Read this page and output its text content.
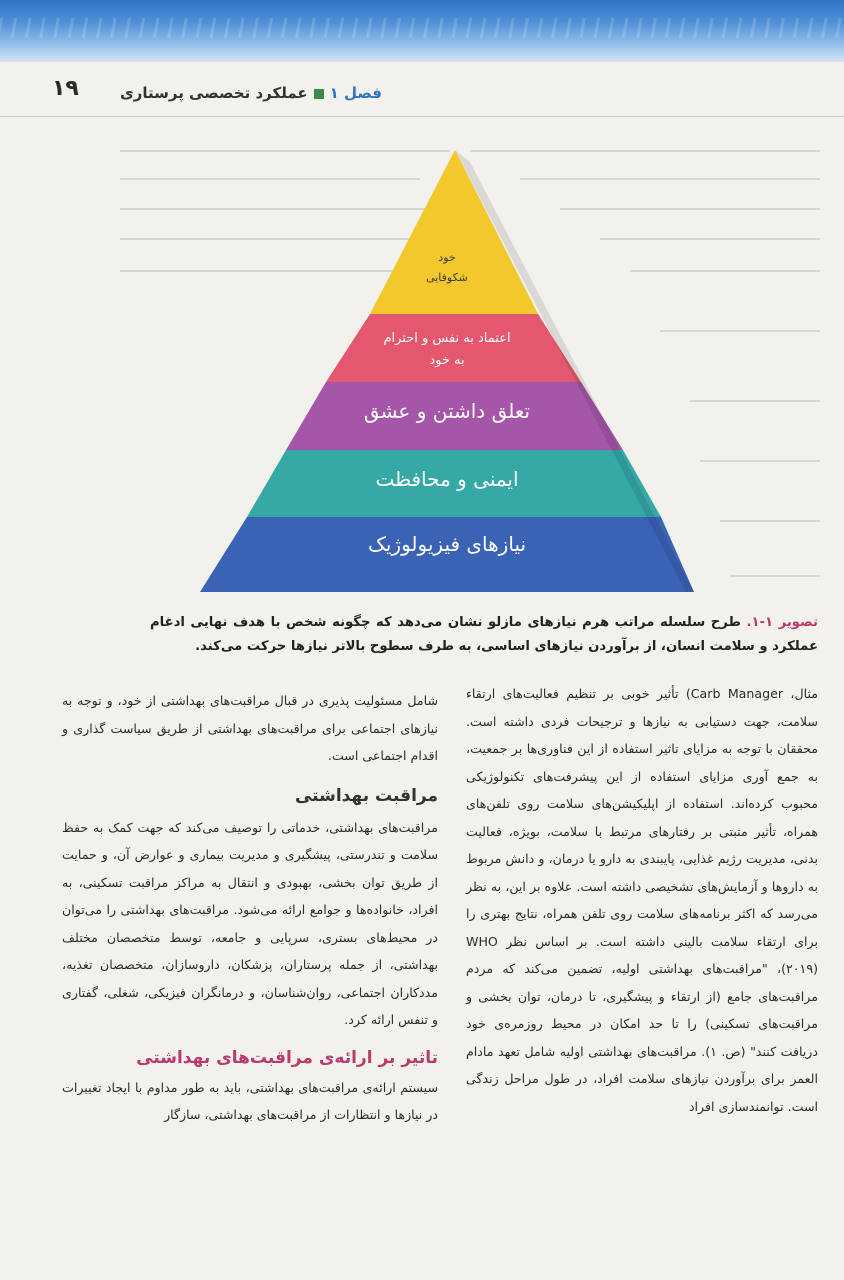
۱۹	فصل ۱عملکرد تخصصی پرستاری
خود
شکوفایی
اعتماد به نفس و احترام
به خود
تعلق داشتن و عشق
ایمنی و محافظت
نیازهای فیزیولوژیک
تصویر ۱-۱. طرح سلسله مراتب هرم نیازهای مازلو نشان می‌دهد که چگونه شخص با هدف نهایی ادغام عملکرد و سلامت انسان، از برآوردن نیازهای اساسی، به طرف سطوح بالاتر نیازها حرکت می‌کند.

مثال، Carb Manager) تأثیر خوبی بر تنظیم فعالیت‌های ارتقاء سلامت، جهت دستیابی به نیازها و ترجیحات فردی داشته است. محققان با توجه به مزایای تاثیر استفاده از این فناوری‌ها بر جمعیت، به جمع آوری مزایای استفاده از این پیشرفت‌های تکنولوژیکی محبوب کرده‌اند. استفاده از اپلیکیشن‌های سلامت روی تلفن‌های همراه، تأثیر مثبتی بر رفتارهای مرتبط با سلامت، بویژه، فعالیت بدنی، مدیریت رژیم غذایی، پایبندی به دارو یا درمان، و دانش مربوط به داروها و آزمایش‌های تشخیصی داشته است. علاوه بر این، به نظر می‌رسد که اکثر برنامه‌های سلامت روی تلفن همراه، نتایج بهتری را برای ارتقاء سلامت بالینی داشته است. بر اساس نظر WHO (۲۰۱۹)، "مراقبت‌های بهداشتی اولیه، تضمین می‌کند که مردم مراقبت‌های جامع (از ارتقاء و پیشگیری، تا درمان، توان بخشی و مراقبت‌های تسکینی) را تا حد امکان در محیط روزمره‌ی خود دریافت کنند" (ص. ۱). مراقبت‌های بهداشتی اولیه شامل تعهد مادام العمر برای برآوردن نیازهای سلامت افراد، در طول مراحل زندگی است. توانمندسازی افراد

شامل مسئولیت پذیری در قبال مراقبت‌های بهداشتی از خود، و توجه به نیازهای اجتماعی برای مراقبت‌های بهداشتی از طریق سیاست گذاری و اقدام اجتماعی است.

مراقبت بهداشتی

مراقبت‌های بهداشتی، خدماتی را توصیف می‌کند که جهت کمک به حفظ سلامت و تندرستی، پیشگیری و مدیریت بیماری و عوارض آن، و حمایت از طریق توان بخشی، بهبودی و انتقال به مراکز مراقبت تسکینی، به افراد، خانواده‌ها و جوامع ارائه می‌شود. مراقبت‌های بهداشتی را می‌توان در محیط‌های بستری، سرپایی و جامعه، توسط متخصصان مختلف بهداشتی، از جمله پرستاران، پزشکان، داروسازان، متخصصان تغذیه، مددکاران اجتماعی، روان‌شناسان، و درمانگران فیزیکی، شغلی، گفتاری و تنفس ارائه کرد.

تاثیر بر ارائه‌ی مراقبت‌های بهداشتی

سیستم ارائه‌ی مراقبت‌های بهداشتی، باید به طور مداوم با ایجاد تغییرات در نیازها و انتظارات از مراقبت‌های بهداشتی، سازگار
